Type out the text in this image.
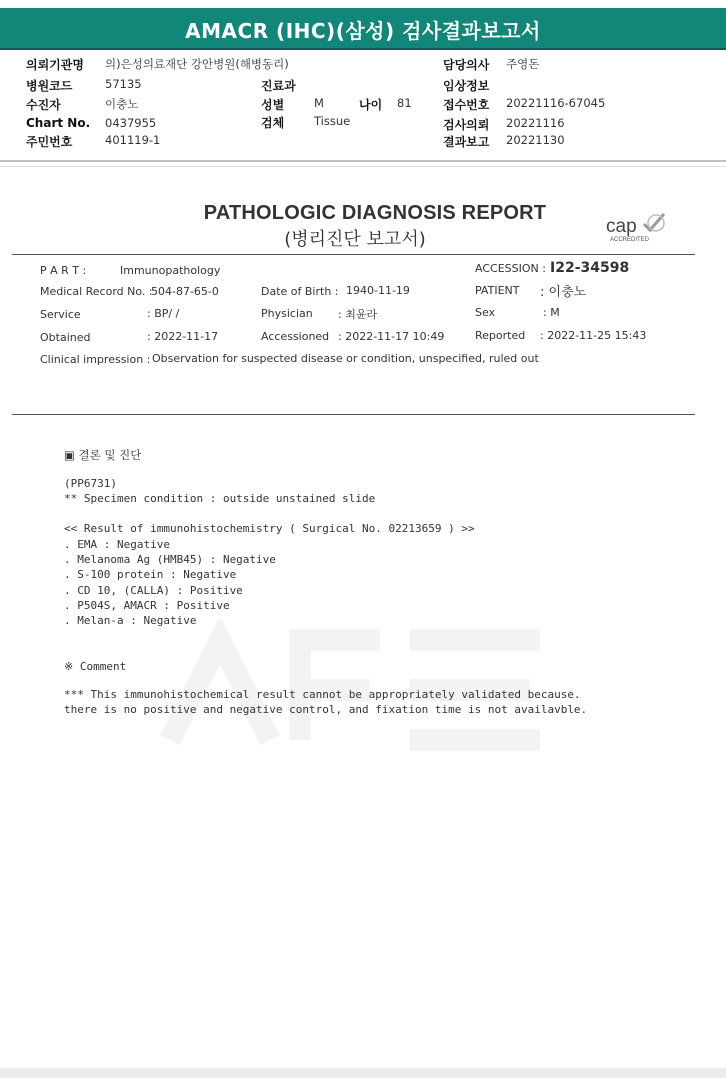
AMACR (IHC)(삼성) 검사결과보고서
의뢰기관명 의)은성의료재단 강안병원(해병동리)	담당의사 주영돈
병원코드	57135	진료과	임상정보
수진자	이충노	성별	M	나이 81	접수번호 20221116-67045
Chart No. 0437955	검체	Tissue	검사의뢰 20221116
주민번호	401119-1	결과보고 20221130
PATHOLOGIC DIAGNOSIS REPORT
(병리진단 보고서)
cap
ACCREDITED
P A R T :	Immunopathology	ACCESSION : I22-34598
Medical Record No. :
504-87-65-0	Date of Birth : 1940-11-19	PATIENT : 이충노
Service	: BP/ /	Physician : 최윤라	Sex	: M
Obtained	: 2022-11-17	Accessioned : 2022-11-17 10:49	Reported : 2022-11-25 15:43
Clinical impression : Observation for suspected disease or condition, unspecified, ruled out
▣ 결론 및 진단
(PP6731)
** Specimen condition : outside unstained slide
<< Result of immunohistochemistry ( Surgical No. 02213659 ) >>
. EMA : Negative
. Melanoma Ag (HMB45) : Negative
. S-100 protein : Negative
. CD 10, (CALLA) : Positive
. P504S, AMACR : Positive
. Melan-a : Negative
※ Comment
*** This immunohistochemical result cannot be appropriately validated because.
there is no positive and negative control, and fixation time is not availavble.
